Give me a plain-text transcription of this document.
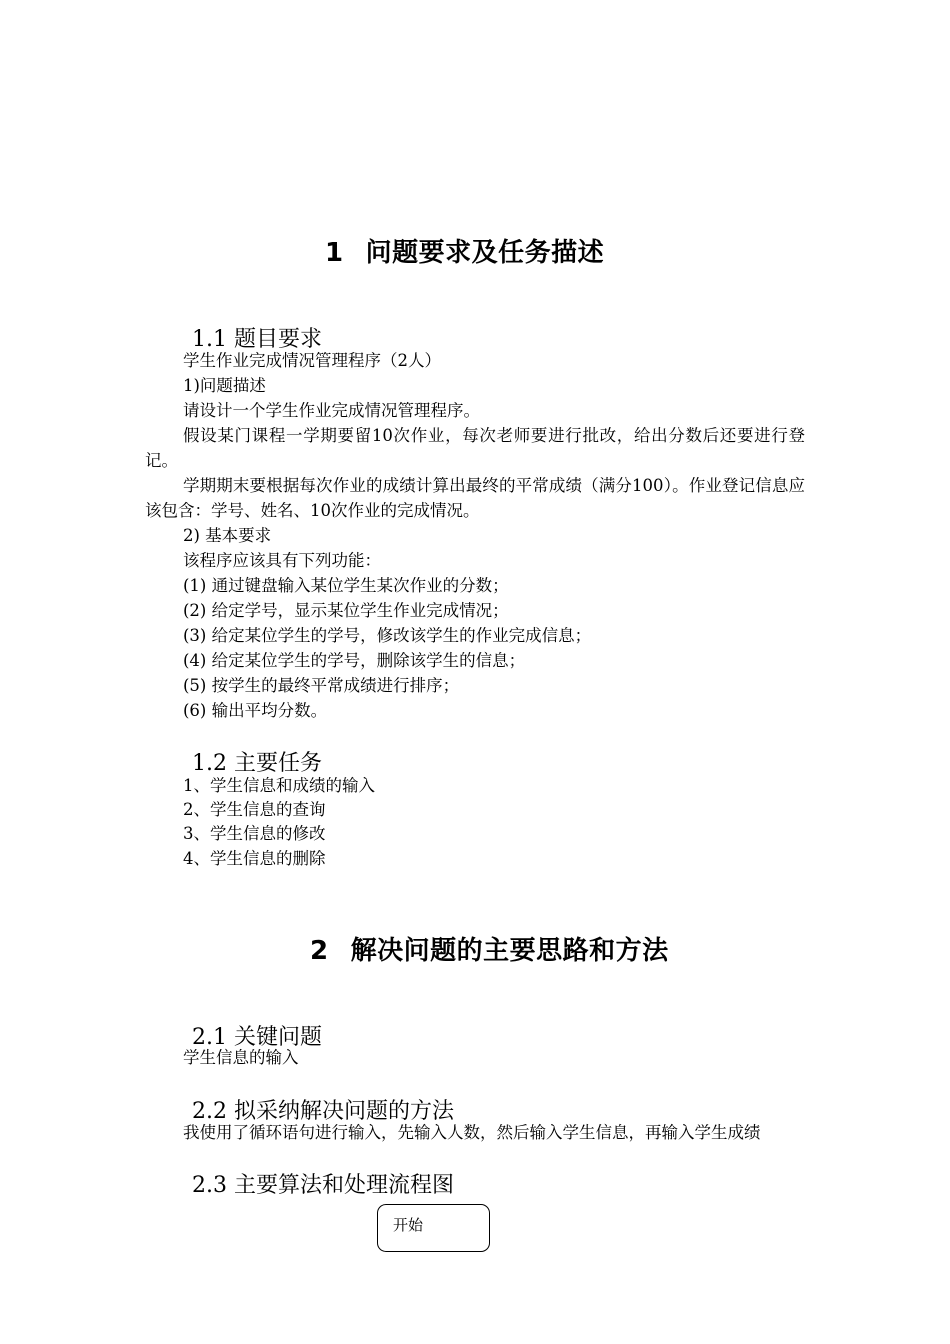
1 问题要求及任务描述
1.1 题目要求
学生作业完成情况管理程序（2人）
1)问题描述
请设计一个学生作业完成情况管理程序。
假设某门课程一学期要留10次作业，每次老师要进行批改，给出分数后还要进行登记。
学期期末要根据每次作业的成绩计算出最终的平常成绩（满分100）。作业登记信息应该包含：学号、姓名、10次作业的完成情况。
2) 基本要求
该程序应该具有下列功能：
(1) 通过键盘输入某位学生某次作业的分数；
(2) 给定学号，显示某位学生作业完成情况；
(3) 给定某位学生的学号，修改该学生的作业完成信息；
(4) 给定某位学生的学号，删除该学生的信息；
(5) 按学生的最终平常成绩进行排序；
(6) 输出平均分数。
1.2 主要任务
1、学生信息和成绩的输入
2、学生信息的查询
3、学生信息的修改
4、学生信息的删除
2 解决问题的主要思路和方法
2.1 关键问题
学生信息的输入
2.2 拟采纳解决问题的方法
我使用了循环语句进行输入，先输入人数，然后输入学生信息，再输入学生成绩
2.3 主要算法和处理流程图
开始
